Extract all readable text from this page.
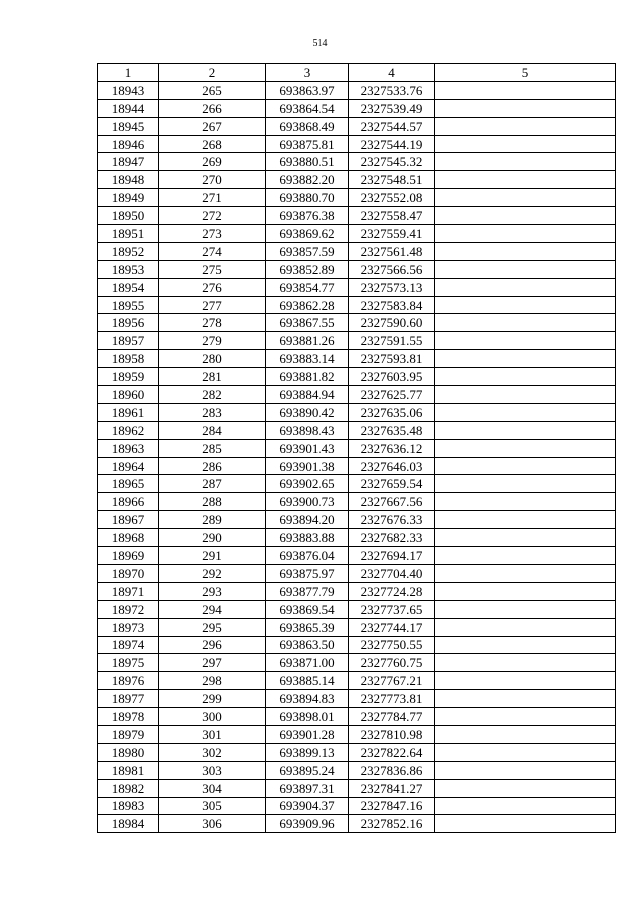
514
1	2	3	4	5
18943	265	693863.97	2327533.76	
18944	266	693864.54	2327539.49	
18945	267	693868.49	2327544.57	
18946	268	693875.81	2327544.19	
18947	269	693880.51	2327545.32	
18948	270	693882.20	2327548.51	
18949	271	693880.70	2327552.08	
18950	272	693876.38	2327558.47	
18951	273	693869.62	2327559.41	
18952	274	693857.59	2327561.48	
18953	275	693852.89	2327566.56	
18954	276	693854.77	2327573.13	
18955	277	693862.28	2327583.84	
18956	278	693867.55	2327590.60	
18957	279	693881.26	2327591.55	
18958	280	693883.14	2327593.81	
18959	281	693881.82	2327603.95	
18960	282	693884.94	2327625.77	
18961	283	693890.42	2327635.06	
18962	284	693898.43	2327635.48	
18963	285	693901.43	2327636.12	
18964	286	693901.38	2327646.03	
18965	287	693902.65	2327659.54	
18966	288	693900.73	2327667.56	
18967	289	693894.20	2327676.33	
18968	290	693883.88	2327682.33	
18969	291	693876.04	2327694.17	
18970	292	693875.97	2327704.40	
18971	293	693877.79	2327724.28	
18972	294	693869.54	2327737.65	
18973	295	693865.39	2327744.17	
18974	296	693863.50	2327750.55	
18975	297	693871.00	2327760.75	
18976	298	693885.14	2327767.21	
18977	299	693894.83	2327773.81	
18978	300	693898.01	2327784.77	
18979	301	693901.28	2327810.98	
18980	302	693899.13	2327822.64	
18981	303	693895.24	2327836.86	
18982	304	693897.31	2327841.27	
18983	305	693904.37	2327847.16	
18984	306	693909.96	2327852.16	
